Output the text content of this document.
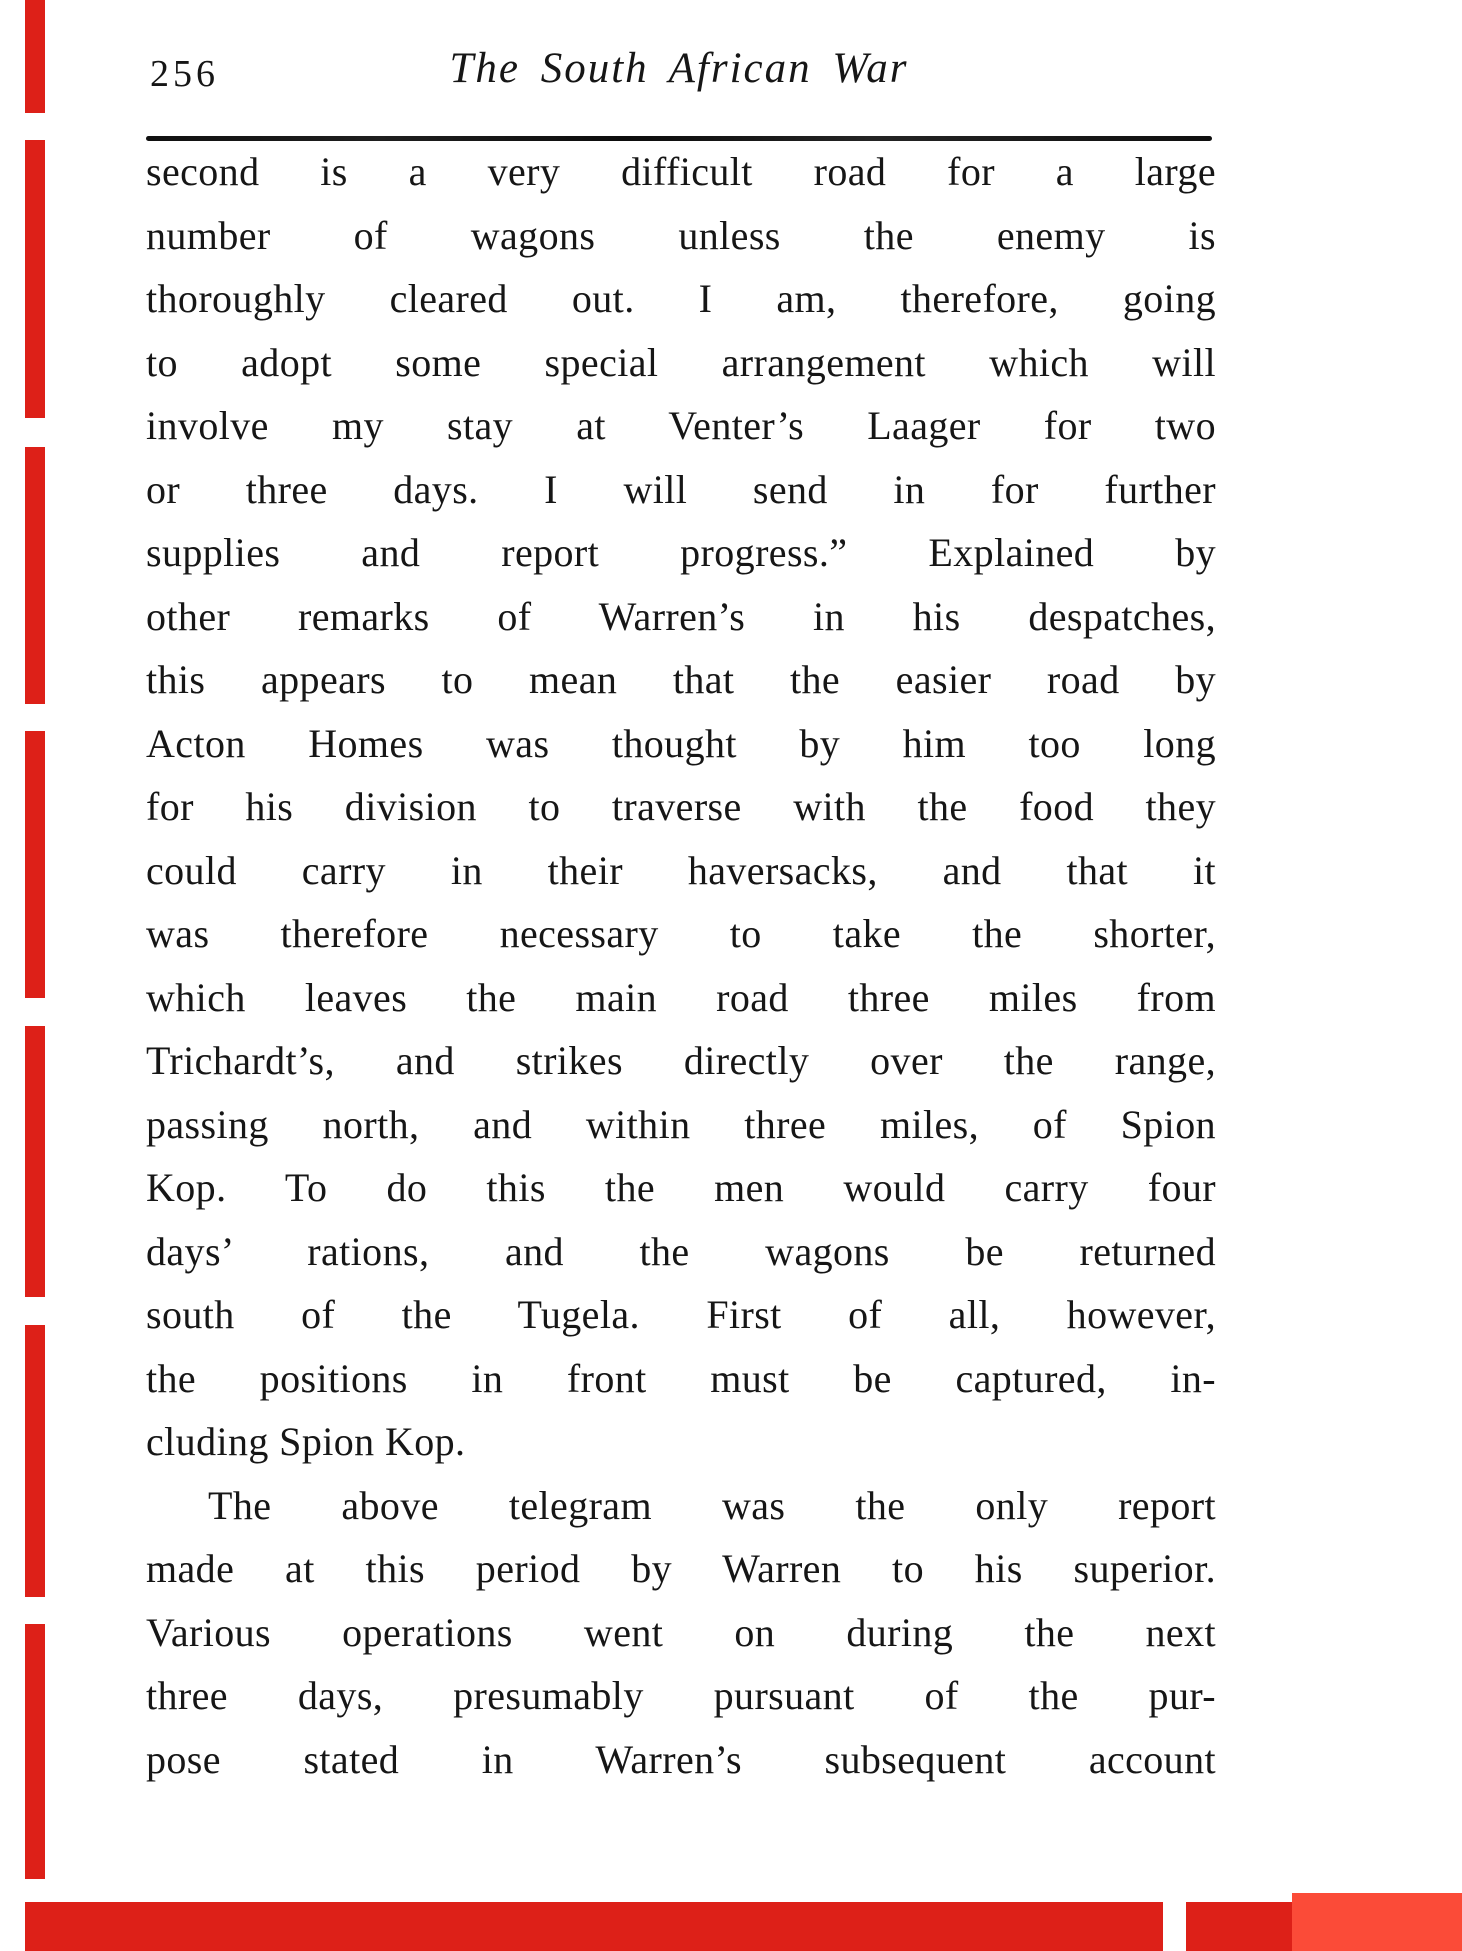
256	The South African War
second is a very difficult road for a large
number of wagons unless the enemy is
thoroughly cleared out. I am, therefore, going
to adopt some special arrangement which will
involve my stay at Venter’s Laager for two
or three days. I will send in for further
supplies and report progress.” Explained by
other remarks of Warren’s in his despatches,
this appears to mean that the easier road by
Acton Homes was thought by him too long
for his division to traverse with the food they
could carry in their haversacks, and that it
was therefore necessary to take the shorter,
which leaves the main road three miles from
Trichardt’s, and strikes directly over the range,
passing north, and within three miles, of Spion
Kop. To do this the men would carry four
days’ rations, and the wagons be returned
south of the Tugela. First of all, however,
the positions in front must be captured, in-
cluding Spion Kop.
The above telegram was the only report
made at this period by Warren to his superior.
Various operations went on during the next
three days, presumably pursuant of the pur-
pose stated in Warren’s subsequent account
